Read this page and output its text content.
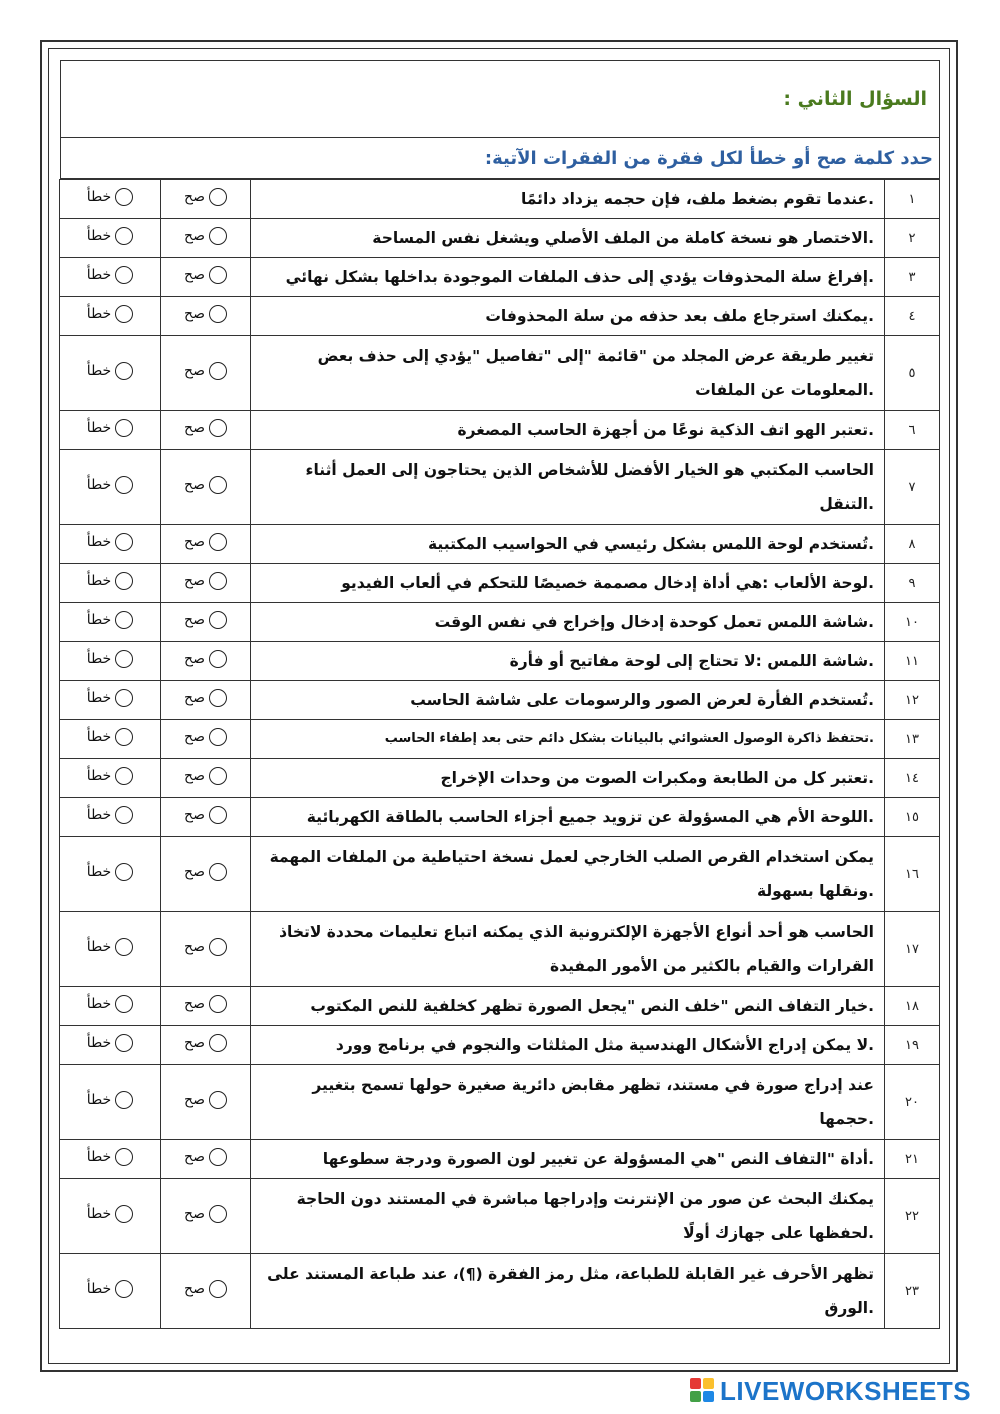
السؤال الثاني :
حدد كلمة صح أو خطأ لكل فقرة من الفقرات الآتية:
١	.عندما تقوم بضغط ملف، فإن حجمه يزداد دائمًا	صح	خطأ

٢	.الاختصار هو نسخة كاملة من الملف الأصلي ويشغل نفس المساحة	صح	خطأ

٣	.إفراغ سلة المحذوفات يؤدي إلى حذف الملفات الموجودة بداخلها بشكل نهائي	صح	خطأ

٤	.يمكنك استرجاع ملف بعد حذفه من سلة المحذوفات	صح	خطأ

٥	تغيير طريقة عرض المجلد من "قائمة "إلى "تفاصيل "يؤدي إلى حذف بعض .المعلومات عن الملفات	صح	خطأ

٦	.تعتبر الهو اتف الذكية نوعًا من أجهزة الحاسب المصغرة	صح	خطأ

٧	الحاسب المكتبي هو الخيار الأفضل للأشخاص الذين يحتاجون إلى العمل أثناء .التنقل	صح	خطأ

٨	.تُستخدم لوحة اللمس بشكل رئيسي في الحواسيب المكتبية	صح	خطأ

٩	.لوحة الألعاب :هي أداة إدخال مصممة خصيصًا للتحكم في ألعاب الفيديو	صح	خطأ

١٠	.شاشة اللمس تعمل كوحدة إدخال وإخراج في نفس الوقت	صح	خطأ

١١	.شاشة اللمس :لا تحتاج إلى لوحة مفاتيح أو فأرة	صح	خطأ

١٢	.تُستخدم الفأرة لعرض الصور والرسومات على شاشة الحاسب	صح	خطأ

١٣	.تحتفظ ذاكرة الوصول العشوائي بالبيانات بشكل دائم حتى بعد إطفاء الحاسب	صح	خطأ

١٤	.تعتبر كل من الطابعة ومكبرات الصوت من وحدات الإخراج	صح	خطأ

١٥	.اللوحة الأم هي المسؤولة عن تزويد جميع أجزاء الحاسب بالطاقة الكهربائية	صح	خطأ

١٦	يمكن استخدام القرص الصلب الخارجي لعمل نسخة احتياطية من الملفات المهمة .ونقلها بسهولة	صح	خطأ

١٧	الحاسب هو أحد أنواع الأجهزة الإلكترونية الذي يمكنه اتباع تعليمات محددة لاتخاذ القرارات والقيام بالكثير من الأمور المفيدة	صح	خطأ

١٨	.خيار التفاف النص "خلف النص "يجعل الصورة تظهر كخلفية للنص المكتوب	صح	خطأ

١٩	.لا يمكن إدراج الأشكال الهندسية مثل المثلثات والنجوم في برنامج وورد	صح	خطأ

٢٠	عند إدراج صورة في مستند، تظهر مقابض دائرية صغيرة حولها تسمح بتغيير .حجمها	صح	خطأ

٢١	.أداة "التفاف النص "هي المسؤولة عن تغيير لون الصورة ودرجة سطوعها	صح	خطأ

٢٢	يمكنك البحث عن صور من الإنترنت وإدراجها مباشرة في المستند دون الحاجة .لحفظها على جهازك أولًا	صح	خطأ

٢٣	تظهر الأحرف غير القابلة للطباعة، مثل رمز الفقرة (¶)، عند طباعة المستند على .الورق	صح	خطأ
LIVEWORKSHEETS
